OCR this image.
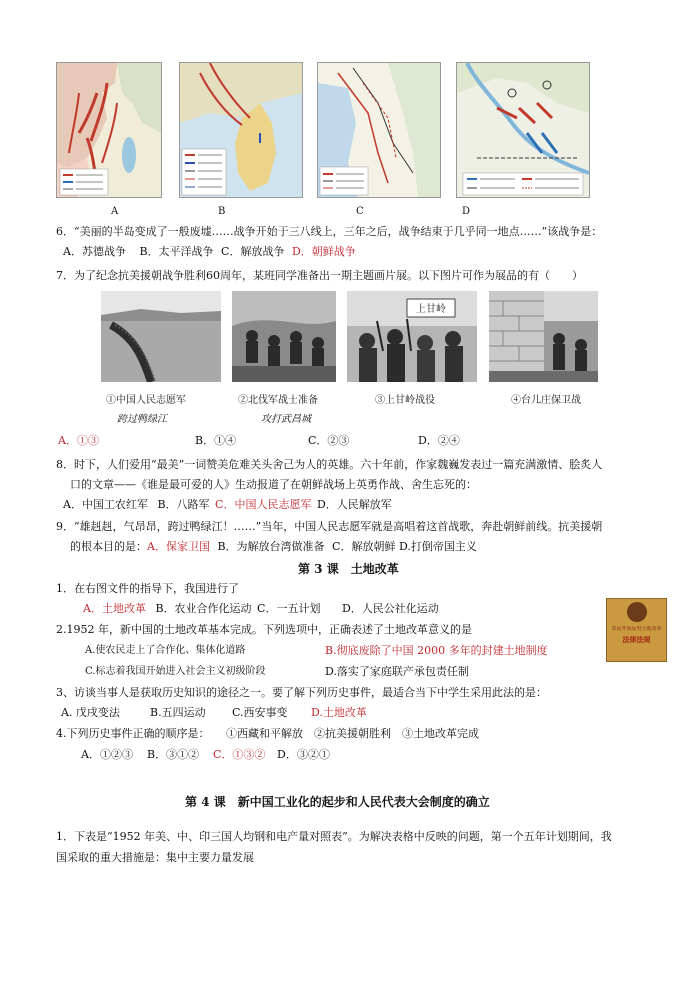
A	B	C	D
6．“美丽的半岛变成了一般废墟……战争开始于三八线上，三年之后，战争结束于几乎同一地点……”该战争是：
A．苏德战争 B．太平洋战争 C．解放战争 D．朝鲜战争
7．为了纪念抗美援朝战争胜利60周年，某班同学准备出一期主题画片展。以下图片可作为展品的有（　　）
上甘岭
①中国人民志愿军
跨过鸭绿江
②北伐军战士准备
攻打武昌城
③上甘岭战役	④台儿庄保卫战
A．①③	B．①④	C．②③	D．②④
8．时下，人们爱用“最美”一词赞美危难关头舍己为人的英雄。六十年前，作家魏巍发表过一篇充满激情、脍炙人
口的文章——《谁是最可爱的人》生动报道了在朝鲜战场上英勇作战、舍生忘死的：
A．中国工农红军 B．八路军 C．中国人民志愿军 D．人民解放军
9．“雄赳赳，气昂昂，跨过鸭绿江！……”当年，中国人民志愿军就是高唱着这首战歌，奔赴朝鲜前线。抗美援朝
的根本目的是：A．保家卫国 B．为解放台湾做准备 C．解放朝鲜 D.打倒帝国主义
第 3 课　土地改革
1．在右图文件的指导下，我国进行了
A．土地改革 B．农业合作化运动 C．一五计划 D．人民公社化运动
农民开展反对土地改革
法律法规
2.1952 年，新中国的土地改革基本完成。下列选项中，正确表述了土地改革意义的是
A.使农民走上了合作化、集体化道路	B.彻底废除了中国 2000 多年的封建土地制度
C.标志着我国开始进入社会主义初级阶段	D.落实了家庭联产承包责任制
3、访谈当事人是获取历史知识的途径之一。要了解下列历史事件，最适合当下中学生采用此法的是：
A. 戊戌变法	B.五四运动 C.西安事变 D.土地改革
4.下列历史事件正确的顺序是：　　①西藏和平解放　②抗美援朝胜利　③土地改革完成
A．①②③ B．③①② C．①③② D．③②①
第 4 课　新中国工业化的起步和人民代表大会制度的确立
1．下表是“1952 年美、中、印三国人均钢和电产量对照表”。为解决表格中反映的问题，第一个五年计划期间，我
国采取的重大措施是：集中主要力量发展
